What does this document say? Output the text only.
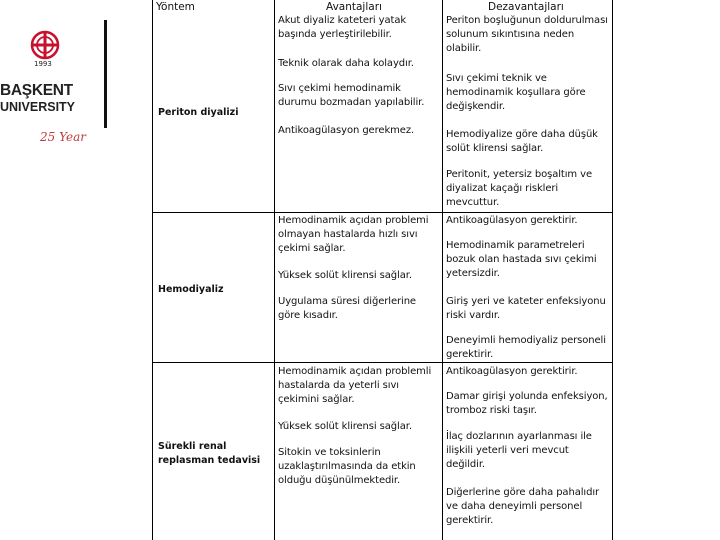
1993
BAŞKENT
UNIVERSITY
25 Year
Yöntem	Avantajları	Dezavantajları
Periton diyalizi
Akut diyaliz kateteri yatak başında yerleştirilebilir.
Teknik olarak daha kolaydır.
Sıvı çekimi hemodinamik durumu bozmadan yapılabilir.
Antikoagülasyon gerekmez.
Periton boşluğunun doldurulması solunum sıkıntısına neden olabilir.
Sıvı çekimi teknik ve hemodinamik koşullara göre değişkendir.
Hemodiyalize göre daha düşük solüt klirensi sağlar.
Peritonit, yetersiz boşaltım ve diyalizat kaçağı riskleri mevcuttur.
Hemodiyaliz
Hemodinamik açıdan problemi olmayan hastalarda hızlı sıvı çekimi sağlar.
Yüksek solüt klirensi sağlar.
Uygulama süresi diğerlerine göre kısadır.
Antikoagülasyon gerektirir.
Hemodinamik parametreleri bozuk olan hastada sıvı çekimi yetersizdir.
Giriş yeri ve kateter enfeksiyonu riski vardır.
Deneyimli hemodiyaliz personeli gerektirir.
Sürekli renal replasman tedavisi
Hemodinamik açıdan problemli hastalarda da yeterli sıvı çekimini sağlar.
Yüksek solüt klirensi sağlar.
Sitokin ve toksinlerin uzaklaştırılmasında da etkin olduğu düşünülmektedir.
Antikoagülasyon gerektirir.
Damar girişi yolunda enfeksiyon, tromboz riski taşır.
İlaç dozlarının ayarlanması ile ilişkili yeterli veri mevcut değildir.
Diğerlerine göre daha pahalıdır ve daha deneyimli personel gerektirir.
